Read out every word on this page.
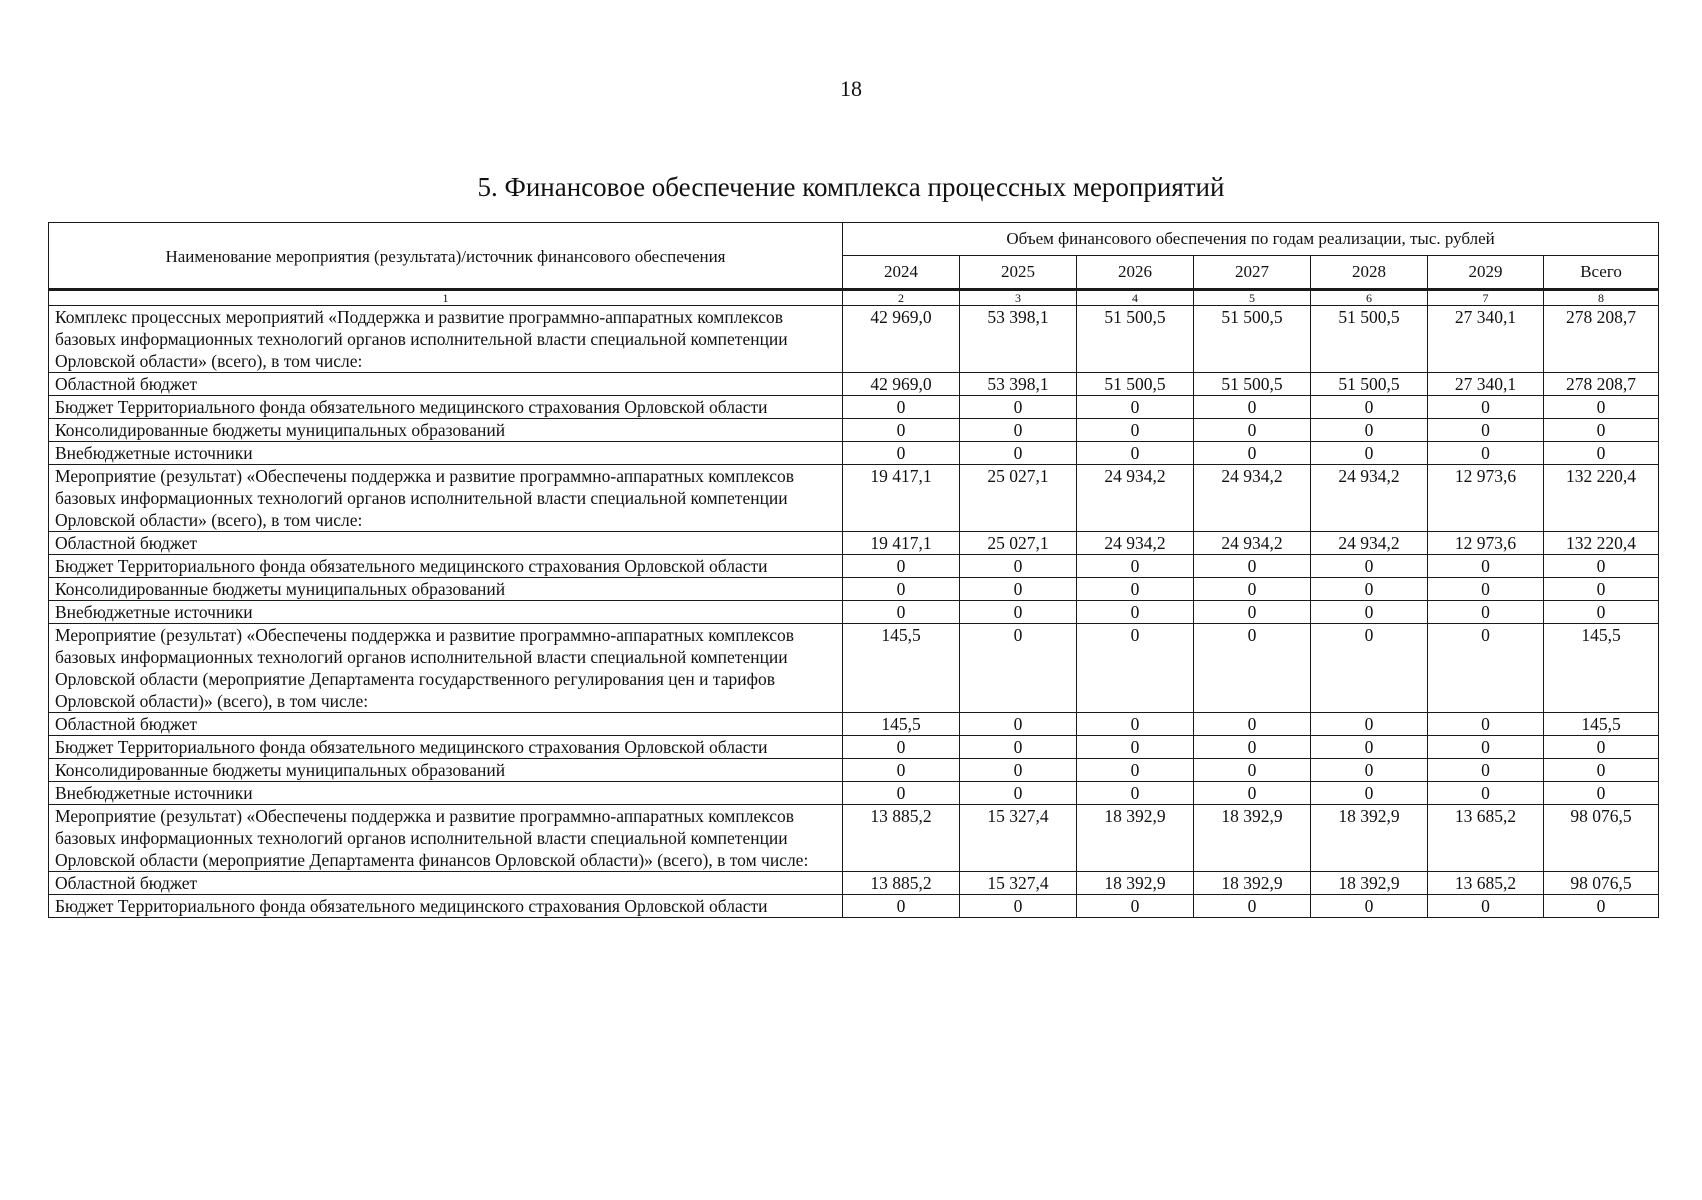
18
5. Финансовое обеспечение комплекса процессных мероприятий
Наименование мероприятия (результата)/источник финансового обеспечения	Объем финансового обеспечения по годам реализации, тыс. рублей						
	2024	2025	2026	2027	2028	2029	Всего
1	2	3	4	5	6	7	8
Комплекс процессных мероприятий «Поддержка и развитие программно-аппаратных комплексов базовых информационных технологий органов исполнительной власти специальной компетенции Орловской области» (всего), в том числе:	42 969,0	53 398,1	51 500,5	51 500,5	51 500,5	27 340,1	278 208,7
Областной бюджет	42 969,0	53 398,1	51 500,5	51 500,5	51 500,5	27 340,1	278 208,7
Бюджет Территориального фонда обязательного медицинского страхования Орловской области	0	0	0	0	0	0	0
Консолидированные бюджеты муниципальных образований	0	0	0	0	0	0	0
Внебюджетные источники	0	0	0	0	0	0	0
Мероприятие (результат) «Обеспечены поддержка и развитие программно-аппаратных комплексов базовых информационных технологий органов исполнительной власти специальной компетенции Орловской области» (всего), в том числе:	19 417,1	25 027,1	24 934,2	24 934,2	24 934,2	12 973,6	132 220,4
Областной бюджет	19 417,1	25 027,1	24 934,2	24 934,2	24 934,2	12 973,6	132 220,4
Бюджет Территориального фонда обязательного медицинского страхования Орловской области	0	0	0	0	0	0	0
Консолидированные бюджеты муниципальных образований	0	0	0	0	0	0	0
Внебюджетные источники	0	0	0	0	0	0	0
Мероприятие (результат) «Обеспечены поддержка и развитие программно-аппаратных комплексов базовых информационных технологий органов исполнительной власти специальной компетенции Орловской области (мероприятие Департамента государственного регулирования цен и тарифов Орловской области)» (всего), в том числе:	145,5	0	0	0	0	0	145,5
Областной бюджет	145,5	0	0	0	0	0	145,5
Бюджет Территориального фонда обязательного медицинского страхования Орловской области	0	0	0	0	0	0	0
Консолидированные бюджеты муниципальных образований	0	0	0	0	0	0	0
Внебюджетные источники	0	0	0	0	0	0	0
Мероприятие (результат) «Обеспечены поддержка и развитие программно-аппаратных комплексов базовых информационных технологий органов исполнительной власти специальной компетенции Орловской области (мероприятие Департамента финансов Орловской области)» (всего), в том числе:	13 885,2	15 327,4	18 392,9	18 392,9	18 392,9	13 685,2	98 076,5
Областной бюджет	13 885,2	15 327,4	18 392,9	18 392,9	18 392,9	13 685,2	98 076,5
Бюджет Территориального фонда обязательного медицинского страхования Орловской области	0	0	0	0	0	0	0
